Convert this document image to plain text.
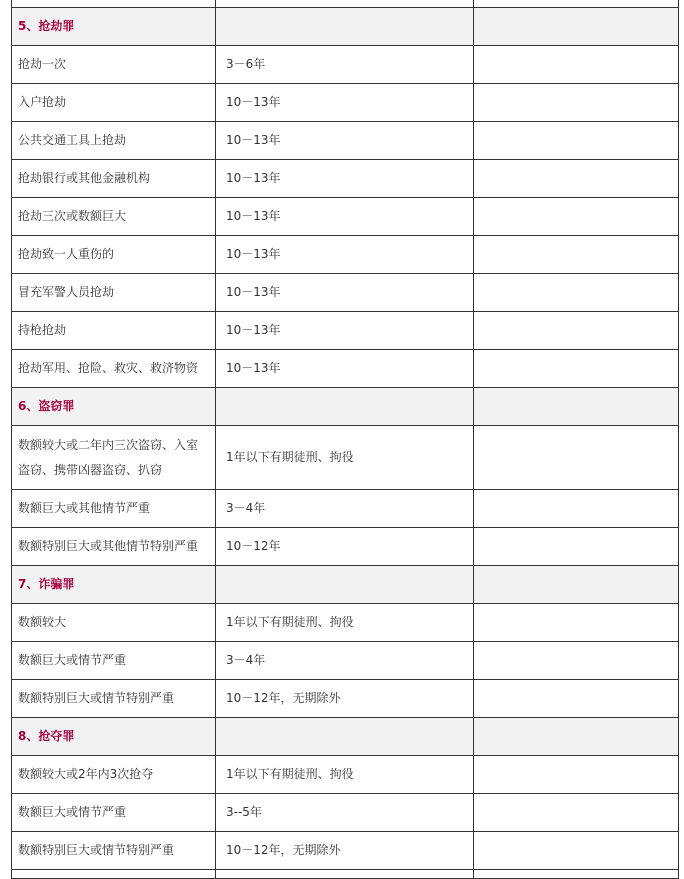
5、抢劫罪		
抢劫一次	3－6年	
入户抢劫	10－13年	
公共交通工具上抢劫	10－13年	
抢劫银行或其他金融机构	10－13年	
抢劫三次或数额巨大	10－13年	
抢劫致一人重伤的	10－13年	
冒充军警人员抢劫	10－13年	
持枪抢劫	10－13年	
抢劫军用、抢险、救灾、救济物资	10－13年	
6、盗窃罪		
数额较大或二年内三次盗窃、入室盗窃、携带凶器盗窃、扒窃	1年以下有期徒刑、拘役	
数额巨大或其他情节严重	3－4年	
数额特别巨大或其他情节特别严重	10－12年	
7、诈骗罪		
数额较大	1年以下有期徒刑、拘役	
数额巨大或情节严重	3－4年	
数额特别巨大或情节特别严重	10－12年，无期除外	
8、抢夺罪		
数额较大或2年内3次抢夺	1年以下有期徒刑、拘役	
数额巨大或情节严重	3--5年	
数额特别巨大或情节特别严重	10－12年，无期除外	
